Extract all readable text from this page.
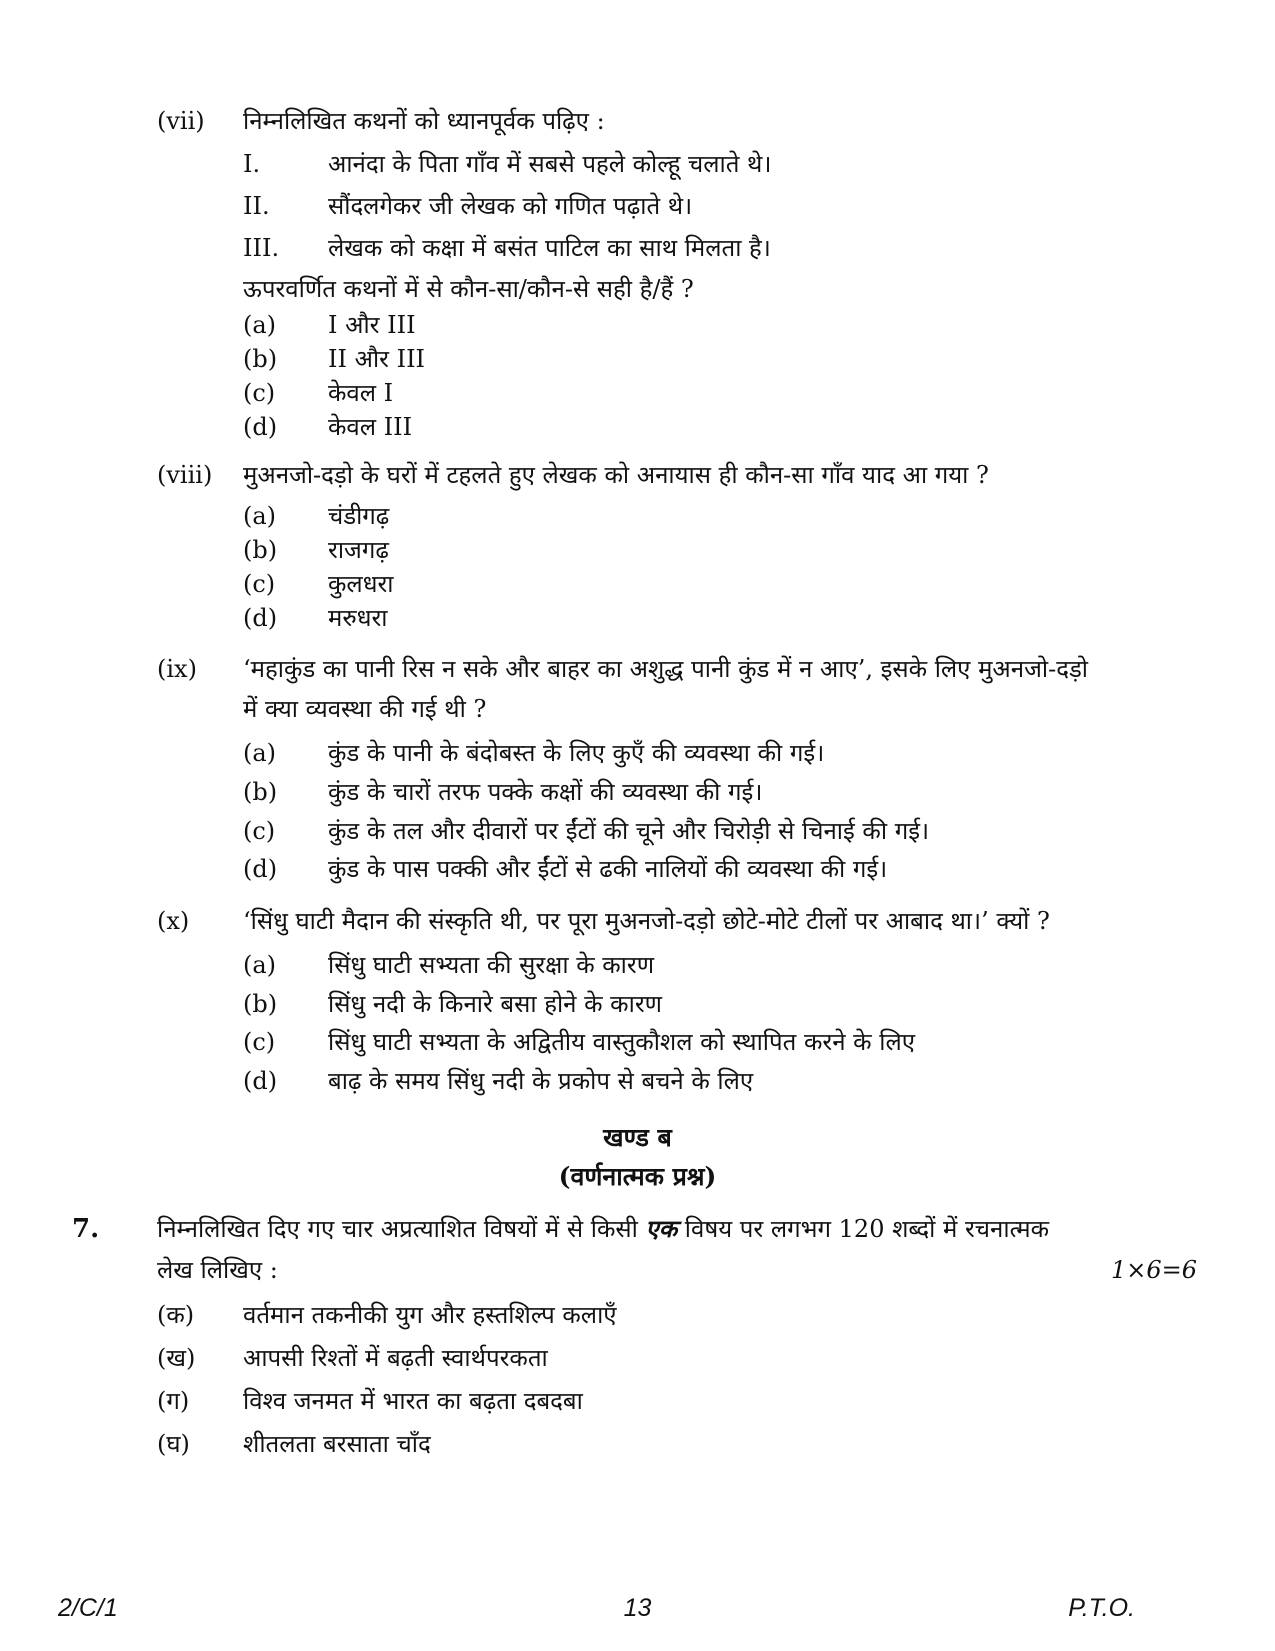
(vii) निम्नलिखित कथनों को ध्यानपूर्वक पढ़िए :
I.	आनंदा के पिता गाँव में सबसे पहले कोल्हू चलाते थे।
II. सौंदलगेकर जी लेखक को गणित पढ़ाते थे।
III. लेखक को कक्षा में बसंत पाटिल का साथ मिलता है।
ऊपरवर्णित कथनों में से कौन-सा/कौन-से सही है/हैं ?
(a) I और III
(b) II और III
(c) केवल I
(d) केवल III
(viii) मुअनजो-दड़ो के घरों में टहलते हुए लेखक को अनायास ही कौन-सा गाँव याद आ गया ?
(a) चंडीगढ़
(b) राजगढ़
(c) कुलधरा
(d) मरुधरा
(ix) ‘महाकुंड का पानी रिस न सके और बाहर का अशुद्ध पानी कुंड में न आए’, इसके लिए मुअनजो-दड़ो
में क्या व्यवस्था की गई थी ?
(a) कुंड के पानी के बंदोबस्त के लिए कुएँ की व्यवस्था की गई।
(b) कुंड के चारों तरफ पक्के कक्षों की व्यवस्था की गई।
(c) कुंड के तल और दीवारों पर ईंटों की चूने और चिरोड़ी से चिनाई की गई।
(d) कुंड के पास पक्की और ईंटों से ढकी नालियों की व्यवस्था की गई।
(x) ‘सिंधु घाटी मैदान की संस्कृति थी, पर पूरा मुअनजो-दड़ो छोटे-मोटे टीलों पर आबाद था।’ क्यों ?
(a) सिंधु घाटी सभ्यता की सुरक्षा के कारण
(b) सिंधु नदी के किनारे बसा होने के कारण
(c) सिंधु घाटी सभ्यता के अद्वितीय वास्तुकौशल को स्थापित करने के लिए
(d) बाढ़ के समय सिंधु नदी के प्रकोप से बचने के लिए
खण्ड ब
(वर्णनात्मक प्रश्न)
7. निम्नलिखित दिए गए चार अप्रत्याशित विषयों में से किसी एक विषय पर लगभग 120 शब्दों में रचनात्मक
लेख लिखिए :	1×6=6
(क) वर्तमान तकनीकी युग और हस्तशिल्प कलाएँ
(ख) आपसी रिश्तों में बढ़ती स्वार्थपरकता
(ग) विश्व जनमत में भारत का बढ़ता दबदबा
(घ) शीतलता बरसाता चाँद
2/C/1	13	P.T.O.
